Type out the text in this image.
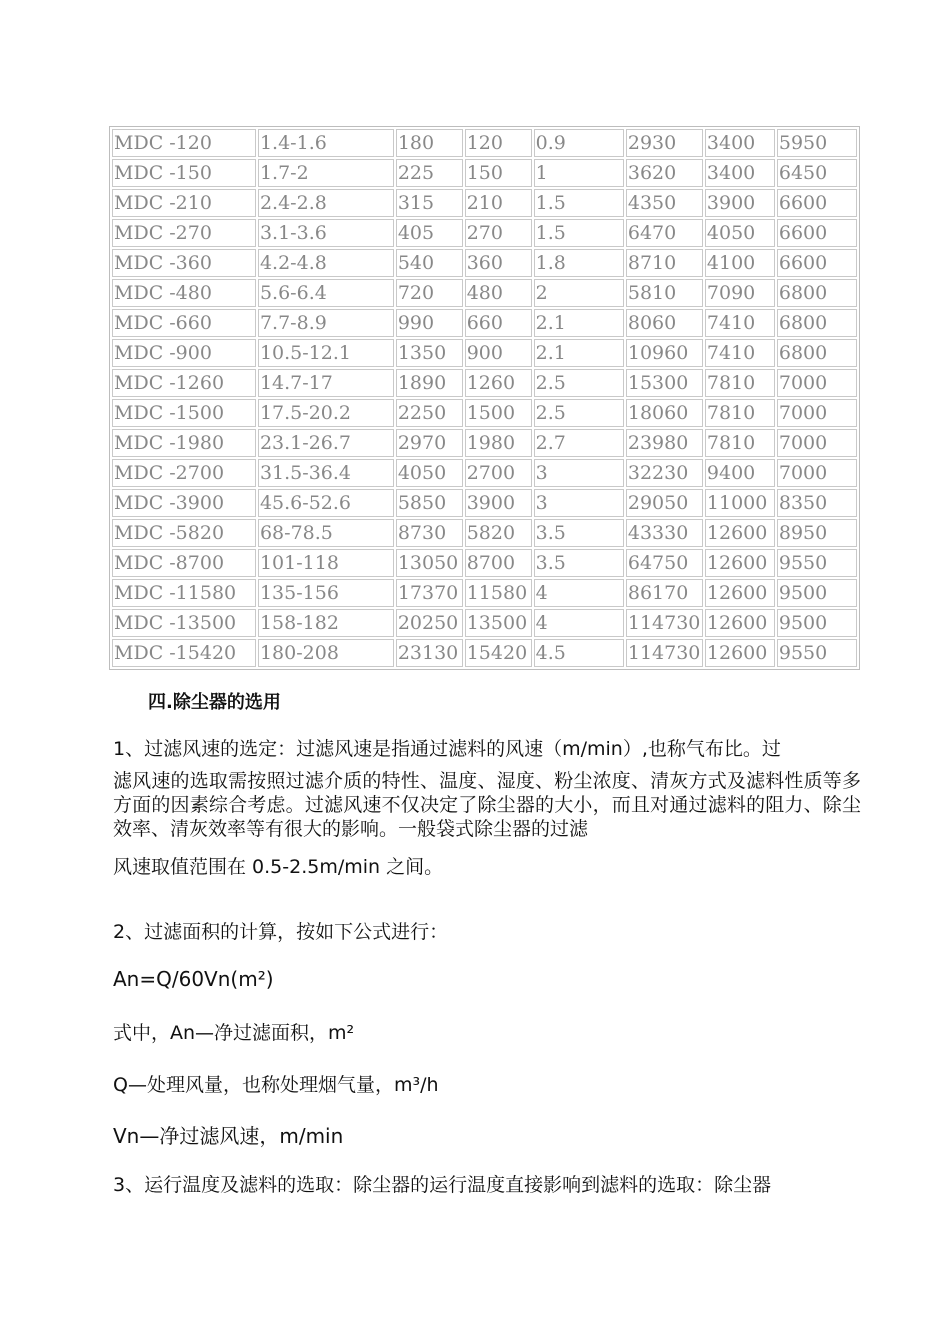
MDC -120	1.4-1.6	180	120	0.9	2930	3400	5950
MDC -150	1.7-2	225	150	1	3620	3400	6450
MDC -210	2.4-2.8	315	210	1.5	4350	3900	6600
MDC -270	3.1-3.6	405	270	1.5	6470	4050	6600
MDC -360	4.2-4.8	540	360	1.8	8710	4100	6600
MDC -480	5.6-6.4	720	480	2	5810	7090	6800
MDC -660	7.7-8.9	990	660	2.1	8060	7410	6800
MDC -900	10.5-12.1	1350	900	2.1	10960	7410	6800
MDC -1260	14.7-17	1890	1260	2.5	15300	7810	7000
MDC -1500	17.5-20.2	2250	1500	2.5	18060	7810	7000
MDC -1980	23.1-26.7	2970	1980	2.7	23980	7810	7000
MDC -2700	31.5-36.4	4050	2700	3	32230	9400	7000
MDC -3900	45.6-52.6	5850	3900	3	29050	11000	8350
MDC -5820	68-78.5	8730	5820	3.5	43330	12600	8950
MDC -8700	101-118	13050	8700	3.5	64750	12600	9550
MDC -11580	135-156	17370	11580	4	86170	12600	9500
MDC -13500	158-182	20250	13500	4	114730	12600	9500
MDC -15420	180-208	23130	15420	4.5	114730	12600	9550
四.除尘器的选用
1、过滤风速的选定：过滤风速是指通过滤料的风速（m/min）,也称气布比。过
滤风速的选取需按照过滤介质的特性、温度、湿度、粉尘浓度、清灰方式及滤料性质等多方面的因素综合考虑。过滤风速不仅决定了除尘器的大小，而且对通过滤料的阻力、除尘效率、清灰效率等有很大的影响。一般袋式除尘器的过滤
风速取值范围在 0.5-2.5m/min 之间。
2、过滤面积的计算，按如下公式进行：
An=Q/60Vn(m²)
式中，An—净过滤面积，m²
Q—处理风量，也称处理烟气量，m³/h
Vn—净过滤风速，m/min
3、运行温度及滤料的选取：除尘器的运行温度直接影响到滤料的选取：除尘器
